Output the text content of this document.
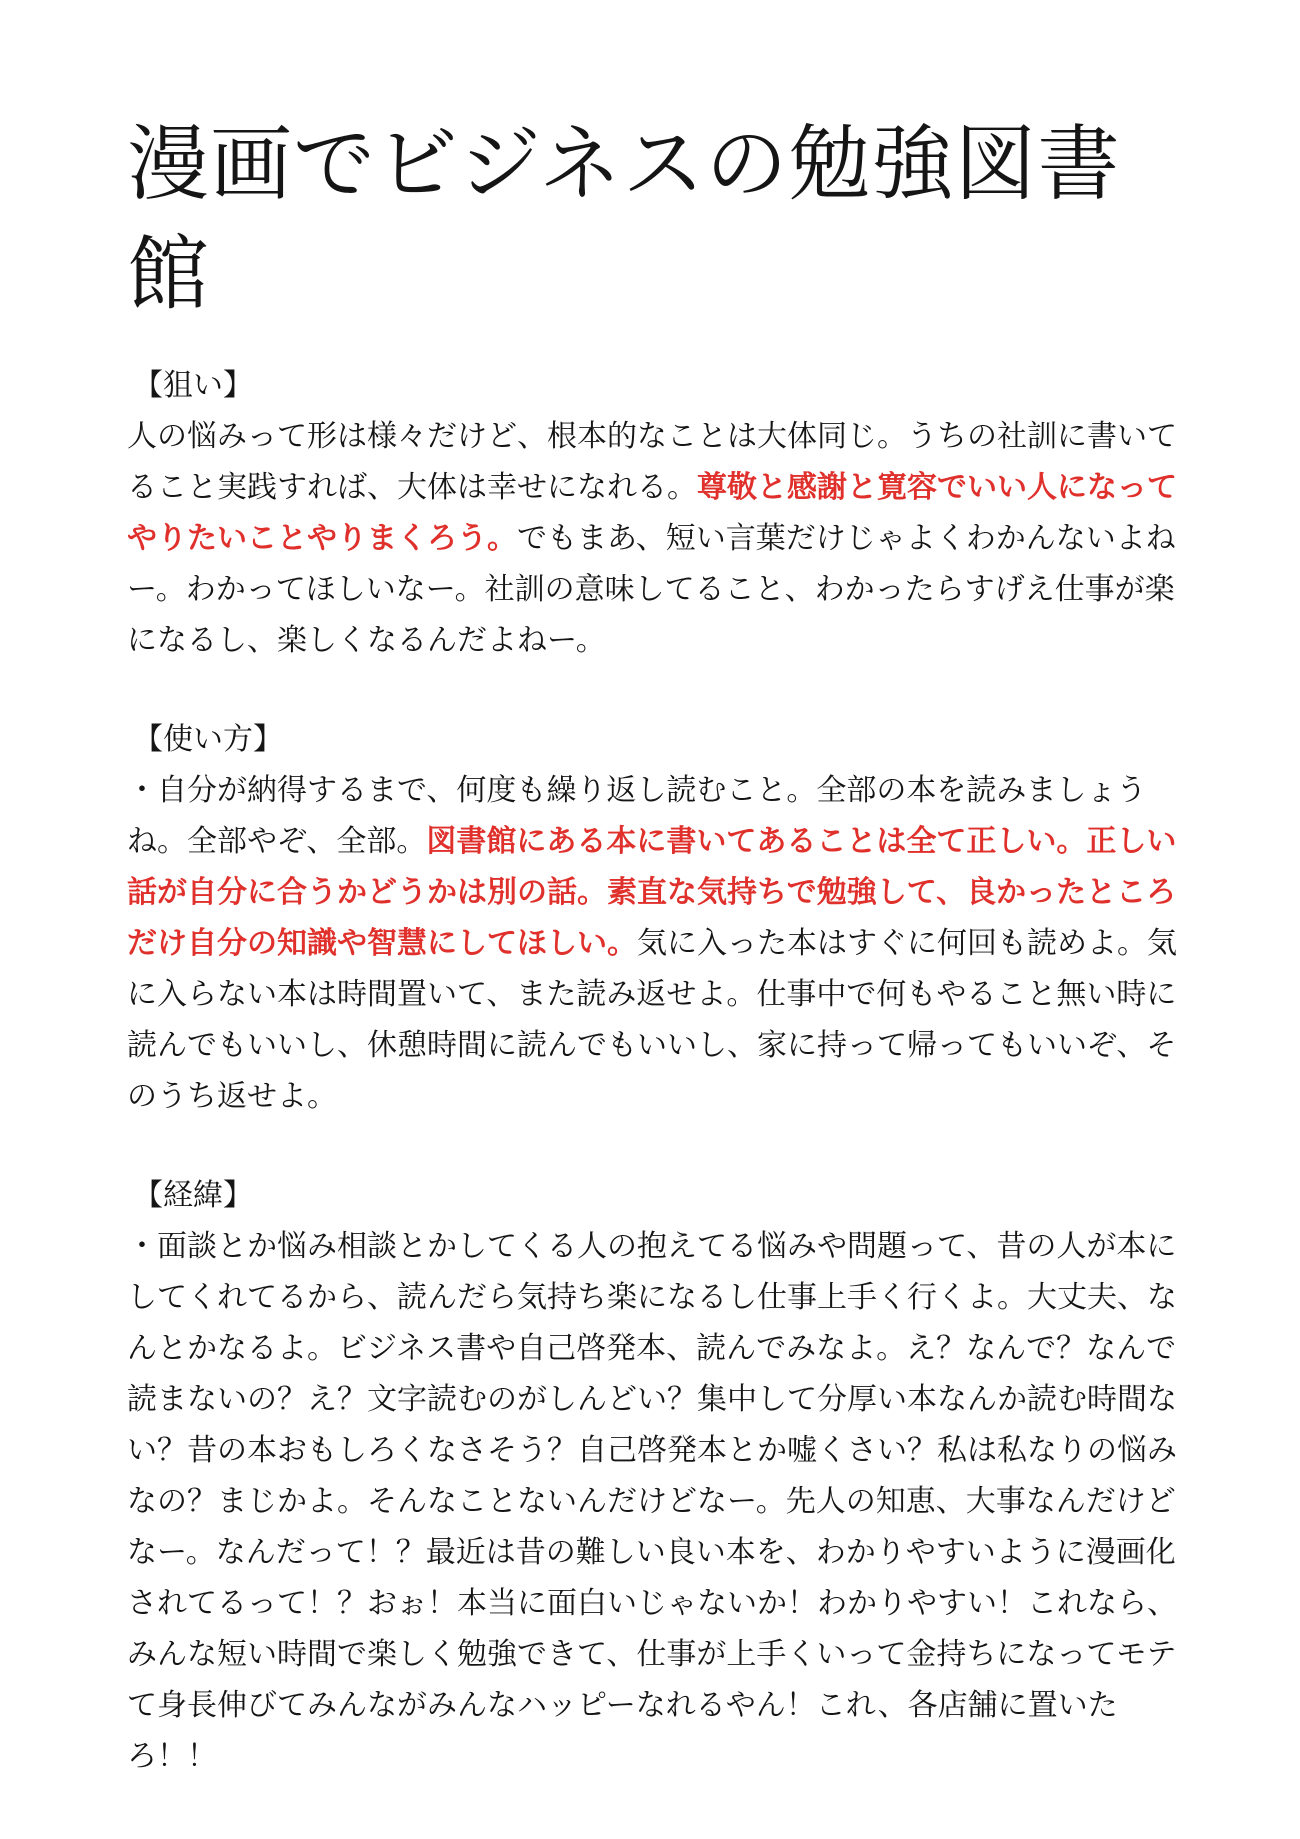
漫画でビジネスの勉強図書館
【狙い】
人の悩みって形は様々だけど、根本的なことは大体同じ。うちの社訓に書いてること実践すれば、大体は幸せになれる。尊敬と感謝と寛容でいい人になってやりたいことやりまくろう。でもまあ、短い言葉だけじゃよくわかんないよねー。わかってほしいなー。社訓の意味してること、わかったらすげえ仕事が楽になるし、楽しくなるんだよねー。
【使い方】
・自分が納得するまで、何度も繰り返し読むこと。全部の本を読みましょうね。全部やぞ、全部。図書館にある本に書いてあることは全て正しい。正しい話が自分に合うかどうかは別の話。素直な気持ちで勉強して、良かったところだけ自分の知識や智慧にしてほしい。気に入った本はすぐに何回も読めよ。気に入らない本は時間置いて、また読み返せよ。仕事中で何もやること無い時に読んでもいいし、休憩時間に読んでもいいし、家に持って帰ってもいいぞ、そのうち返せよ。
【経緯】
・面談とか悩み相談とかしてくる人の抱えてる悩みや問題って、昔の人が本にしてくれてるから、読んだら気持ち楽になるし仕事上手く行くよ。大丈夫、なんとかなるよ。ビジネス書や自己啓発本、読んでみなよ。え？なんで？なんで読まないの？え？文字読むのがしんどい？集中して分厚い本なんか読む時間ない？昔の本おもしろくなさそう？自己啓発本とか嘘くさい？私は私なりの悩みなの？まじかよ。そんなことないんだけどなー。先人の知恵、大事なんだけどなー。なんだって！？最近は昔の難しい良い本を、わかりやすいように漫画化されてるって！？おぉ！本当に面白いじゃないか！わかりやすい！これなら、みんな短い時間で楽しく勉強できて、仕事が上手くいって金持ちになってモテて身長伸びてみんながみんなハッピーなれるやん！これ、各店舗に置いたろ！！
